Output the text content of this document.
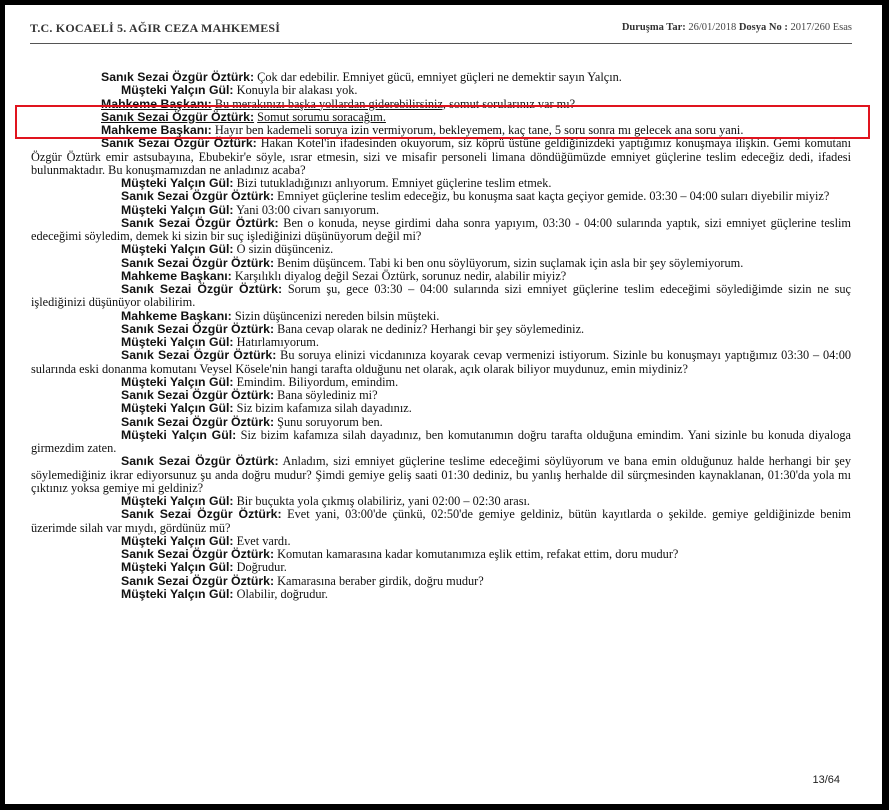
T.C. KOCAELİ 5. AĞIR CEZA MAHKEMESİ	Duruşma Tar: 26/01/2018 Dosya No : 2017/260 Esas

Sanık Sezai Özgür Öztürk: Çok dar edebilir. Emniyet gücü, emniyet güçleri ne demektir sayın Yalçın.

Müşteki Yalçın Gül: Konuyla bir alakası yok.

Mahkeme Başkanı: Bu merakınızı başka yollardan giderebilirsiniz, somut sorularınız var mı?

Sanık Sezai Özgür Öztürk: Somut sorumu soracağım.

Mahkeme Başkanı: Hayır ben kademeli soruya izin vermiyorum, bekleyemem, kaç tane, 5 soru sonra mı gelecek ana soru yani.

Sanık Sezai Özgür Öztürk: Hakan Kotel'in ifadesinden okuyorum, siz köprü üstüne geldiğinizdeki yaptığımız konuşmaya ilişkin. Gemi komutanı Özgür Öztürk emir astsubayına, Ebubekir'e söyle, ısrar etmesin, sizi ve misafir personeli limana döndüğümüzde emniyet güçlerine teslim edeceğiz dedi, ifadesi bulunmaktadır. Bu konuşmamızdan ne anladınız acaba?

Müşteki Yalçın Gül: Bizi tutukladığınızı anlıyorum. Emniyet güçlerine teslim etmek.

Sanık Sezai Özgür Öztürk: Emniyet güçlerine teslim edeceğiz, bu konuşma saat kaçta geçiyor gemide. 03:30 – 04:00 suları diyebilir miyiz?

Müşteki Yalçın Gül: Yani 03:00 civarı sanıyorum.

Sanık Sezai Özgür Öztürk: Ben o konuda, neyse girdimi daha sonra yapıyım, 03:30 - 04:00 sularında yaptık, sizi emniyet güçlerine teslim edeceğimi söyledim, demek ki sizin bir suç işlediğinizi düşünüyorum değil mi?

Müşteki Yalçın Gül: O sizin düşünceniz.

Sanık Sezai Özgür Öztürk: Benim düşüncem. Tabi ki ben onu söylüyorum, sizin suçlamak için asla bir şey söylemiyorum.

Mahkeme Başkanı: Karşılıklı diyalog değil Sezai Öztürk, sorunuz nedir, alabilir miyiz?

Sanık Sezai Özgür Öztürk: Sorum şu, gece 03:30 – 04:00 sularında sizi emniyet güçlerine teslim edeceğimi söylediğimde sizin ne suç işlediğinizi düşünüyor olabilirim.

Mahkeme Başkanı: Sizin düşüncenizi nereden bilsin müşteki.

Sanık Sezai Özgür Öztürk: Bana cevap olarak ne dediniz? Herhangi bir şey söylemediniz.

Müşteki Yalçın Gül: Hatırlamıyorum.

Sanık Sezai Özgür Öztürk: Bu soruya elinizi vicdanınıza koyarak cevap vermenizi istiyorum. Sizinle bu konuşmayı yaptığımız 03:30 – 04:00 sularında eski donanma komutanı Veysel Kösele'nin hangi tarafta olduğunu net olarak, açık olarak biliyor muydunuz, emin miydiniz?

Müşteki Yalçın Gül: Emindim. Biliyordum, emindim.

Sanık Sezai Özgür Öztürk: Bana söylediniz mi?

Müşteki Yalçın Gül: Siz bizim kafamıza silah dayadınız.

Sanık Sezai Özgür Öztürk: Şunu soruyorum ben.

Müşteki Yalçın Gül: Siz bizim kafamıza silah dayadınız, ben komutanımın doğru tarafta olduğuna emindim. Yani sizinle bu konuda diyaloga girmezdim zaten.

Sanık Sezai Özgür Öztürk: Anladım, sizi emniyet güçlerine teslime edeceğimi söylüyorum ve bana emin olduğunuz halde herhangi bir şey söylemediğiniz ikrar ediyorsunuz şu anda doğru mudur? Şimdi gemiye geliş saati 01:30 dediniz, bu yanlış herhalde dil sürçmesinden kaynaklanan, 01:30'da yola mı çıktınız yoksa gemiye mi geldiniz?

Müşteki Yalçın Gül: Bir buçukta yola çıkmış olabiliriz, yani 02:00 – 02:30 arası.

Sanık Sezai Özgür Öztürk: Evet yani, 03:00'de çünkü, 02:50'de gemiye geldiniz, bütün kayıtlarda o şekilde. gemiye geldiğinizde benim üzerimde silah var mıydı, gördünüz mü?

Müşteki Yalçın Gül: Evet vardı.

Sanık Sezai Özgür Öztürk: Komutan kamarasına kadar komutanımıza eşlik ettim, refakat ettim, doru mudur?

Müşteki Yalçın Gül: Doğrudur.

Sanık Sezai Özgür Öztürk: Kamarasına beraber girdik, doğru mudur?

Müşteki Yalçın Gül: Olabilir, doğrudur.

13/64
